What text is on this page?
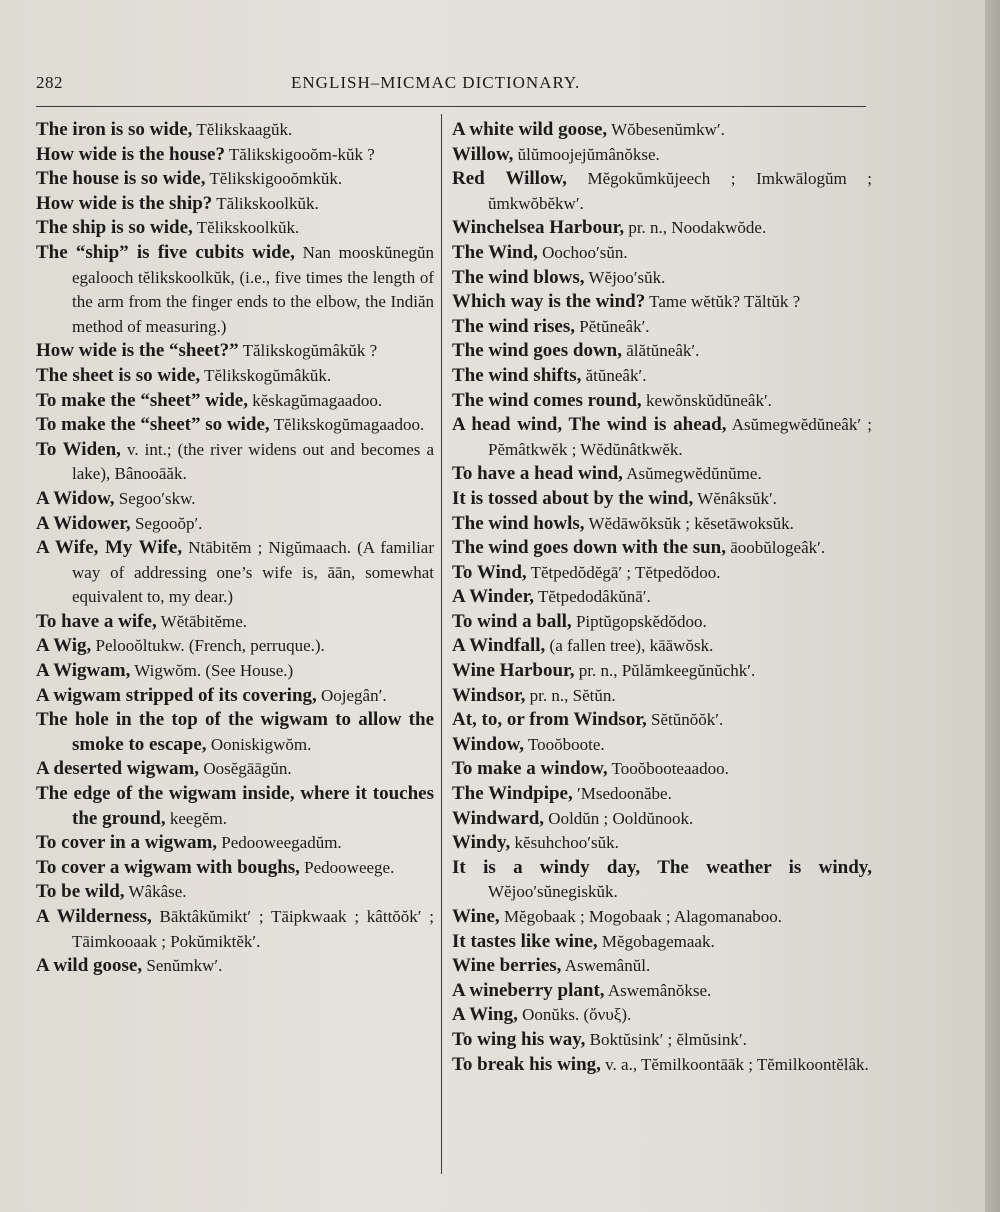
282	ENGLISH–MICMAC DICTIONARY.

The iron is so wide, Tĕlikskaagŭk.

How wide is the house? Tălikskigooŏm-kŭk ?

The house is so wide, Tĕlikskigooŏmkŭk.

How wide is the ship? Tălikskoolkŭk.

The ship is so wide, Tĕlikskoolkŭk.

The “ship” is five cubits wide, Nan mooskŭnegŭn egalooch tĕlikskoolkŭk, (i.e., five times the length of the arm from the finger ends to the elbow, the Indiăn method of measuring.)

How wide is the “sheet?” Tălikskogŭmâkŭk ?

The sheet is so wide, Tĕlikskogŭmâkŭk.

To make the “sheet” wide, kĕskagŭmagaadoo.

To make the “sheet” so wide, Tĕlikskogŭmagaadoo.

To Widen, v. int.; (the river widens out and becomes a lake), Bânooāăk.

A Widow, Segoo′skw.

A Widower, Segooŏp′.

A Wife, My Wife, Ntābitĕm ; Nigŭmaach. (A familiar way of addressing one’s wife is, āān, somewhat equivalent to, my dear.)

To have a wife, Wĕtābitĕme.

A Wig, Pelooŏltukw. (French, perruque.).

A Wigwam, Wigwŏm. (See House.)

A wigwam stripped of its covering, Oojegân′.

The hole in the top of the wigwam to allow the smoke to escape, Ooniskigwŏm.

A deserted wigwam, Oosĕgāāgŭn.

The edge of the wigwam inside, where it touches the ground, keegĕm.

To cover in a wigwam, Pedooweegadŭm.

To cover a wigwam with boughs, Pedooweege.

To be wild, Wâkâse.

A Wilderness, Bāktâkŭmikt′ ; Tāipkwaak ; kâttŏŏk′ ; Tāimkooaak ; Pokŭmiktĕk′.

A wild goose, Senŭmkw′.

A white wild goose, Wŏbesenŭmkw′.

Willow, ŭlŭmoojejŭmânŏkse.

Red Willow, Mĕgokŭmkŭjeech ; Imkwālogŭm ; ŭmkwŏbĕkw′.

Winchelsea Harbour, pr. n., Noodakwŏde.

The Wind, Oochoo′sŭn.

The wind blows, Wĕjoo′sŭk.

Which way is the wind? Tame wĕtŭk? Tăltŭk ?

The wind rises, Pĕtŭneâk′.

The wind goes down, ālătŭneâk′.

The wind shifts, ătŭneâk′.

The wind comes round, kewŏnskŭdŭneâk′.

A head wind, The wind is ahead, Asŭmegwĕdŭneâk′ ; Pĕmâtkwĕk ; Wĕdŭnâtkwĕk.

To have a head wind, Asŭmegwĕdŭnŭme.

It is tossed about by the wind, Wĕnâksŭk′.

The wind howls, Wĕdāwŏksŭk ; kĕsetāwoksŭk.

The wind goes down with the sun, āoobŭlogeâk′.

To Wind, Tĕtpedŏdĕgā′ ; Tĕtpedŏdoo.

A Winder, Tĕtpedodâkŭnā′.

To wind a ball, Piptŭgopskĕdŏdoo.

A Windfall, (a fallen tree), kāāwŏsk.

Wine Harbour, pr. n., Pŭlămkeegŭnŭchk′.

Windsor, pr. n., Sĕtŭn.

At, to, or from Windsor, Sĕtŭnŏŏk′.

Window, Tooŏboote.

To make a window, Tooŏbooteaadoo.

The Windpipe, ′Msedoonăbe.

Windward, Ooldŭn ; Ooldŭnook.

Windy, kĕsuhchoo′sŭk.

It is a windy day, The weather is windy, Wĕjoo′sŭnegiskŭk.

Wine, Mĕgobaak ; Mogobaak ; Alagomanaboo.

It tastes like wine, Mĕgobagemaak.

Wine berries, Aswemânŭl.

A wineberry plant, Aswemânŏkse.

A Wing, Oonŭks. (ὄνυξ).

To wing his way, Boktŭsink′ ; ĕlmŭsink′.

To break his wing, v. a., Tĕmilkoontāāk ; Tĕmilkoontĕlâk.
